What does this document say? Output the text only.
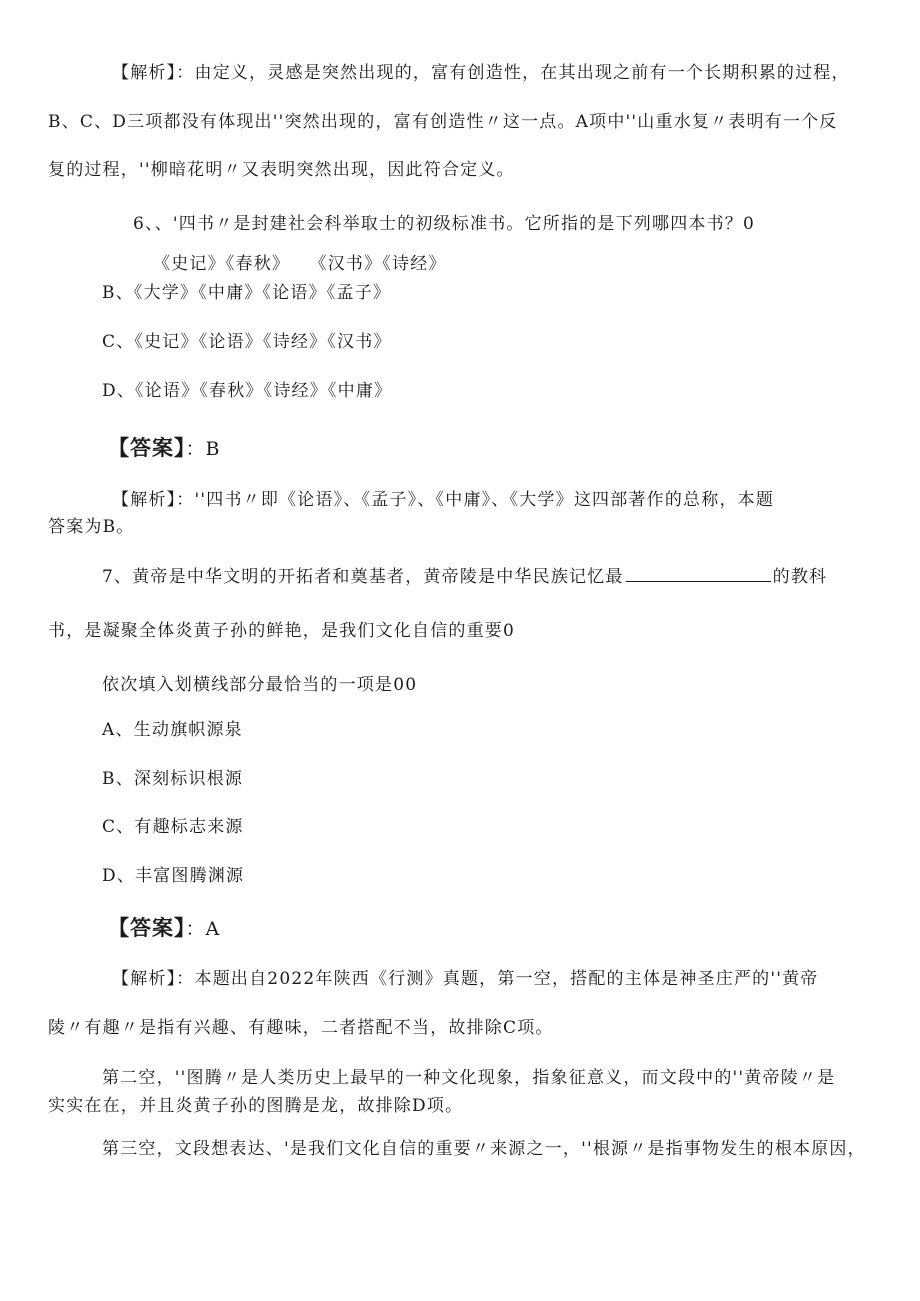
【解析】：由定义，灵感是突然出现的，富有创造性，在其出现之前有一个长期积累的过程，
B、C、D三项都没有体现出''突然出现的，富有创造性〃这一点。A项中''山重水复〃表明有一个反
复的过程，''柳暗花明〃又表明突然出现，因此符合定义。
6、、'四书〃是封建社会科举取士的初级标准书。它所指的是下列哪四本书？0
《史记》《春秋》　　《汉书》《诗经》
B、《大学》《中庸》《论语》《孟子》
C、《史记》《论语》《诗经》《汉书》
D、《论语》《春秋》《诗经》《中庸》
【答案】：B
【解析】：''四书〃即《论语》、《孟子》、《中庸》、《大学》这四部著作的总称，本题
答案为B。
7、黄帝是中华文明的开拓者和奠基者，黄帝陵是中华民族记忆最	的教科
书，是凝聚全体炎黄子孙的鲜艳，是我们文化自信的重要0
依次填入划横线部分最恰当的一项是00
A、生动旗帜源泉
B、深刻标识根源
C、有趣标志来源
D、丰富图腾渊源
【答案】：A
【解析】：本题出自2022年陕西《行测》真题，第一空，搭配的主体是神圣庄严的''黄帝
陵〃有趣〃是指有兴趣、有趣味，二者搭配不当，故排除C项。
第二空，''图腾〃是人类历史上最早的一种文化现象，指象征意义，而文段中的''黄帝陵〃是
实实在在，并且炎黄子孙的图腾是龙，故排除D项。
第三空，文段想表达、'是我们文化自信的重要〃来源之一，''根源〃是指事物发生的根本原因，
